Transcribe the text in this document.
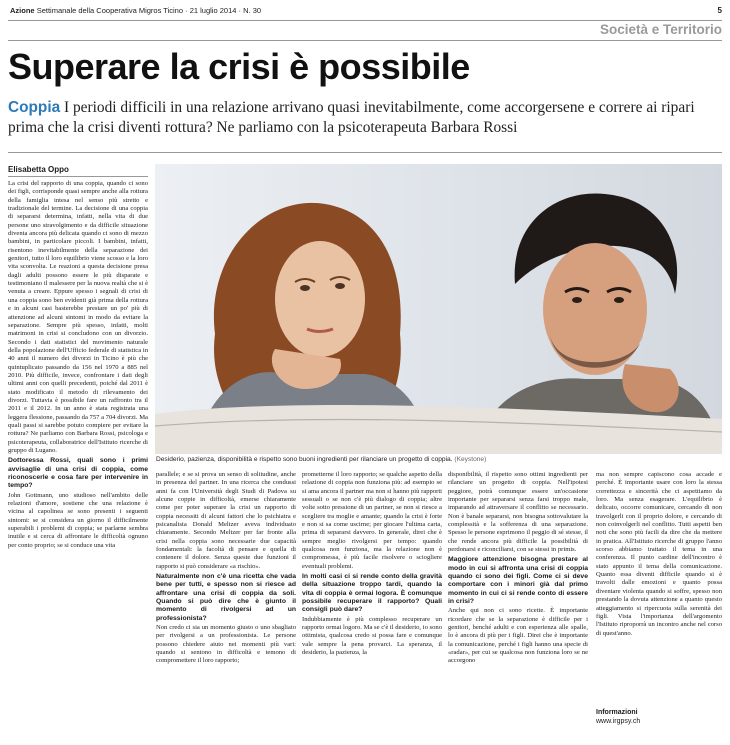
Azione Settimanale della Cooperativa Migros Ticino · 21 luglio 2014 · N. 30	5
Società e Territorio
Superare la crisi è possibile
Coppia I periodi difficili in una relazione arrivano quasi inevitabilmente, come accorgersene e correre ai ripari prima che la crisi diventi rottura? Ne parliamo con la psicoterapeuta Barbara Rossi
Elisabetta Oppo

La crisi del rapporto di una coppia, quando ci sono dei figli, corrisponde quasi sempre anche alla rottura della famiglia intesa nel senso più stretto e tradizionale del termine. La decisione di una coppia di separarsi determina, infatti, nella vita di due persone uno stravolgimento e da difficile situazione diventa ancora più delicata quando ci sono di mezzo bambini, in particolare piccoli. I bambini, infatti, risentono inevitabilmente della separazione dei genitori, tutto il loro equilibrio viene scosso e la loro vita sconvolta. Le reazioni a questa decisione presa dagli adulti possono essere le più disparate e testimoniano il malessere per la nuova realtà che si è venuta a creare. Eppure spesso i segnali di crisi di una coppia sono ben evidenti già prima della rottura e in alcuni casi basterebbe prestare un po' più di attenzione ad alcuni sintomi in modo da evitare la separazione. Sempre più spesso, infatti, molti matrimoni in crisi si concludono con un divorzio. Secondo i dati statistici del movimento naturale della popolazione dell'Ufficio federale di statistica in 40 anni il numero dei divorzi in Ticino è più che quintuplicato passando da 156 nel 1970 a 885 nel 2010. Più difficile, invece, confrontare i dati degli ultimi anni con quelli precedenti, poiché dal 2011 è stato modificato il metodo di rilevamento dei divorzi. Tuttavia è possibile fare un raffronto tra il 2011 e il 2012. In un anno è stata registrata una leggera flessione, passando da 757 a 704 divorzi. Ma quali passi si sarebbe potuto compiere per evitare la rottura? Ne parliamo con Barbara Rossi, psicologa e psicoterapeuta, collaboratrice dell'Istituto ricerche di gruppo di Lugano.

Dottoressa Rossi, quali sono i primi avvisaglie di una crisi di coppia, come riconoscerle e cosa fare per intervenire in tempo?

John Gottmann, uno studioso nell'ambito delle relazioni d'amore, sostiene che una relazione è vicina al capolinea se sono presenti i seguenti sintomi: se si considera un giorno il difficilmente superabili i problemi di coppia; se parlarne sembra inutile e si cerca di affrontare le difficoltà ognuno per conto proprio; se si conduce una vita

Desiderio, pazienza, disponibilità e rispetto sono buoni ingredienti per rilanciare un progetto di coppia. (Keystone)

parallele; e se si prova un senso di solitudine, anche in presenza del partner. In una ricerca che condussi anni fa con l'Università degli Studi di Padova su alcune coppie in difficoltà, emerse chiaramente come per poter superare la crisi un rapporto di coppia necessiti di alcuni fattori che lo psichiatra e psicanalista Donald Meltzer aveva individuato chiaramente. Secondo Meltzer per far fronte alla crisi nella coppia sono necessarie due capacità fondamentali: la facoltà di pensare e quella di contenere il dolore. Senza queste due funzioni il rapporto si può considerare «a rischio».

Naturalmente non c'è una ricetta che vada bene per tutti, e spesso non si riesce ad affrontare una crisi di coppia da soli. Quando si può dire che è giunto il momento di rivolgersi ad un professionista?

Non credo ci sia un momento giusto o uno sbagliato per rivolgersi a un professionista. Le persone possono chiedere aiuto nei momenti più vari: quando si sentono in difficoltà e temono di compromettere il loro rapporto;

prometterne il loro rapporto; se qualche aspetto della relazione di coppia non funziona più: ad esempio se si ama ancora il partner ma non si hanno più rapporti sessuali o se non c'è più dialogo di coppia; altre volte sotto pressione di un partner, se non si riesce a scegliere tra moglie e amante; quando la crisi è forte e non si sa come uscirne; per giocare l'ultima carta, prima di separarsi davvero. In generale, direi che è sempre meglio rivolgersi per tempo: quando qualcosa non funziona, ma la relazione non è compromessa, è più facile risolvere o sciogliere eventuali problemi.

In molti casi ci si rende conto della gravità della situazione troppo tardi, quando la vita di coppia è ormai logora. È comunque possibile recuperare il rapporto? Quali consigli può dare?

Indubbiamente è più complesso recuperare un rapporto ormai logoro. Ma se c'è il desiderio, io sono ottimista, qualcosa credo si possa fare e comunque vale sempre la pena provarci. La speranza, il desiderio, la pazienza, la

disponibilità, il rispetto sono ottimi ingredienti per rilanciare un progetto di coppia. Nell'ipotesi peggiore, potrà comunque essere un'occasione importante per separarsi senza farsi troppo male, imparando ad attraversare il conflitto se necessario. Non è banale separarsi, non bisogna sottovalutare la complessità e la sofferenza di una separazione. Spesso le persone esprimono il peggio di sé stesse, il che rende ancora più difficile la possibilità di perdonarsi e riconciliarsi, con se stessi in primis.

Maggiore attenzione bisogna prestare al modo in cui si affronta una crisi di coppia quando ci sono dei figli. Come ci si deve comportare con i minori già dal primo momento in cui ci si rende conto di essere in crisi?

Anche qui non ci sono ricette. È importante ricordare che se la separazione è difficile per i genitori, benché adulti e con esperienza alle spalle, lo è ancora di più per i figli. Direi che è importante la comunicazione, perché i figli hanno una specie di «radar», per cui se qualcosa non funziona loro se ne accorgono

ma non sempre capiscono cosa accade e perché. È importante usare con loro la stessa correttezza e sincerità che ci aspettiamo da loro. Ma senza esagerare. L'equilibrio è delicato, occorre comunicare, cercando di non travolgerli con il proprio dolore, e cercando di non coinvolgerli nel conflitto. Tutti aspetti ben noti che sono più facili da dire che da mettere in pratica. All'Istituto ricerche di gruppo l'anno scorso abbiamo trattato il tema in una conferenza. Il punto cardine dell'incontro è stato appunto il tema della comunicazione. Quanto essa diventi difficile quando si è travolti dalle emozioni e quanto possa diventare violenta quando si soffre, spesso non prestando la dovuta attenzione a quanto questo atteggiamento si ripercuota sulla serenità dei figli. Vista l'importanza dell'argomento l'Istituto riproporrà un incontro anche nel corso di quest'anno.

Informazioni
www.irgpsy.ch
